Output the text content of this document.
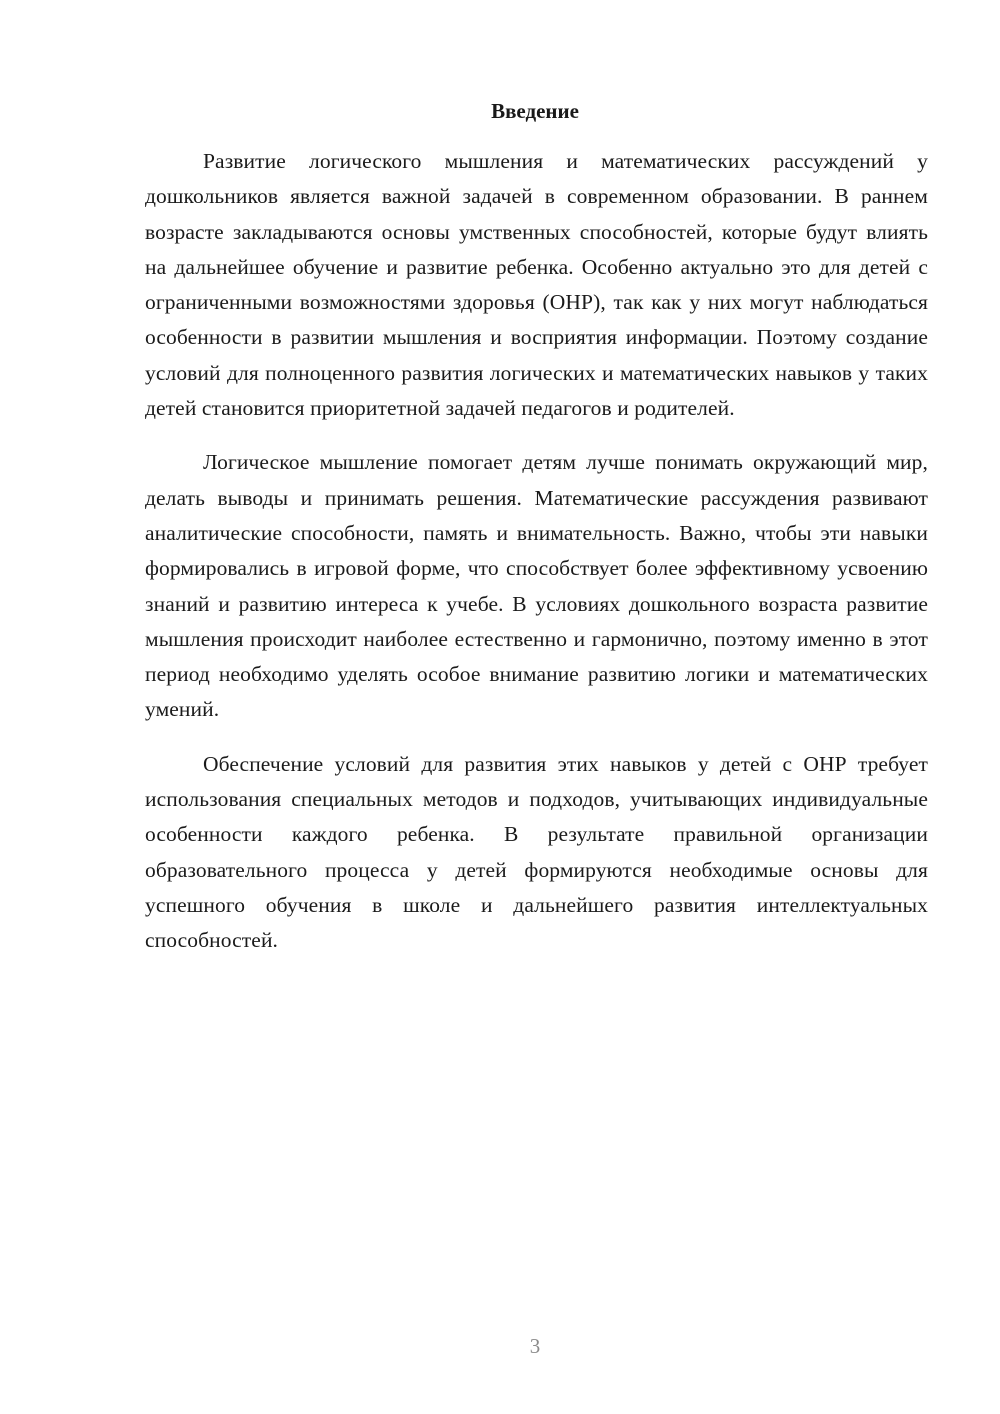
Введение

Развитие логического мышления и математических рассуждений у дошкольников является важной задачей в современном образовании. В раннем возрасте закладываются основы умственных способностей, которые будут влиять на дальнейшее обучение и развитие ребенка. Особенно актуально это для детей с ограниченными возможностями здоровья (ОНР), так как у них могут наблюдаться особенности в развитии мышления и восприятия информации. Поэтому создание условий для полноценного развития логических и математических навыков у таких детей становится приоритетной задачей педагогов и родителей.

Логическое мышление помогает детям лучше понимать окружающий мир, делать выводы и принимать решения. Математические рассуждения развивают аналитические способности, память и внимательность. Важно, чтобы эти навыки формировались в игровой форме, что способствует более эффективному усвоению знаний и развитию интереса к учебе. В условиях дошкольного возраста развитие мышления происходит наиболее естественно и гармонично, поэтому именно в этот период необходимо уделять особое внимание развитию логики и математических умений.

Обеспечение условий для развития этих навыков у детей с ОНР требует использования специальных методов и подходов, учитывающих индивидуальные особенности каждого ребенка. В результате правильной организации образовательного процесса у детей формируются необходимые основы для успешного обучения в школе и дальнейшего развития интеллектуальных способностей.

3
